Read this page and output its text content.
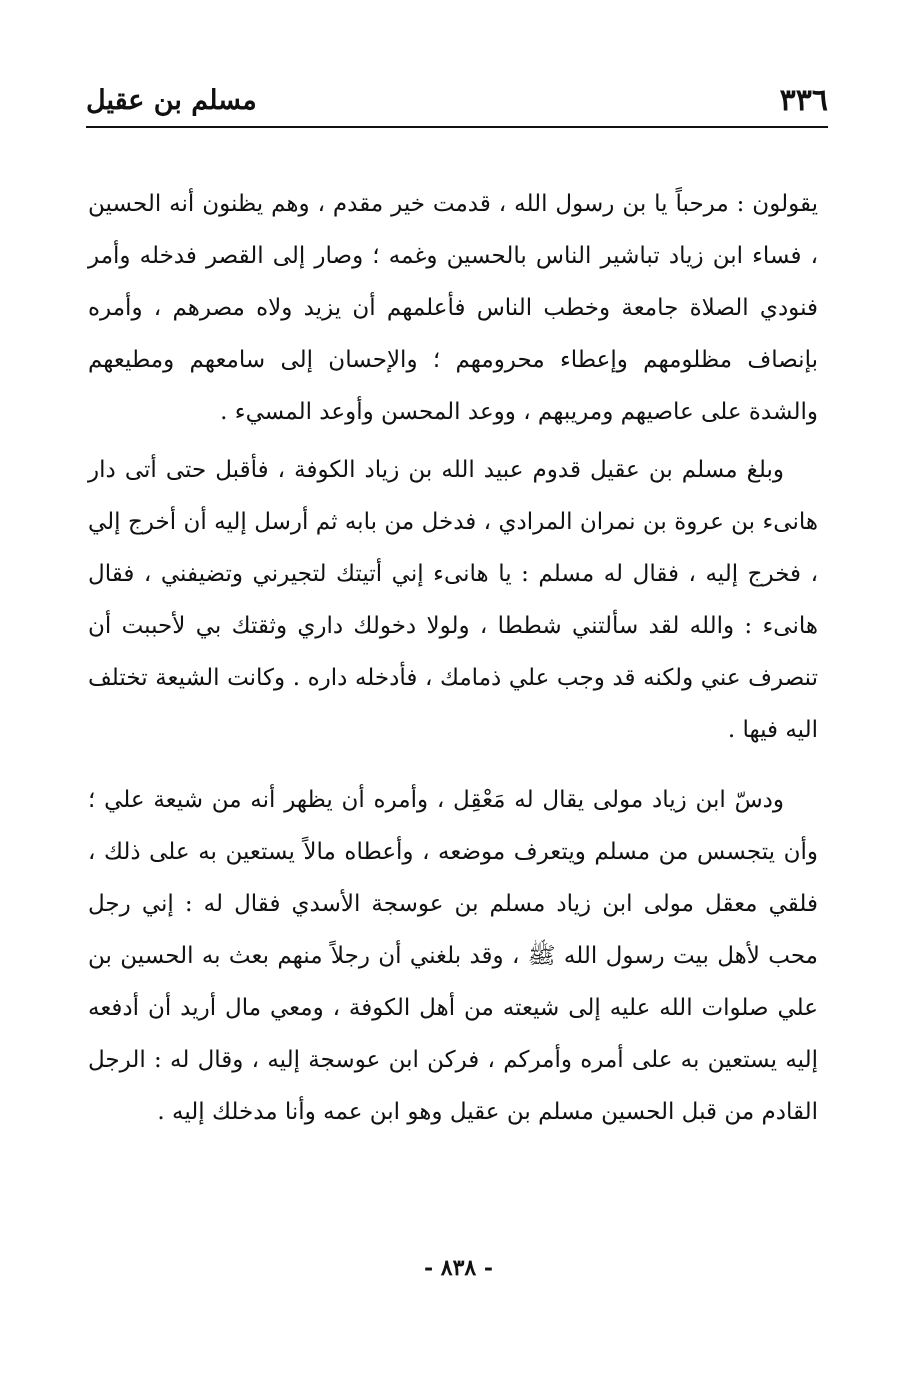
٣٣٦
مسلم بن عقيل

يقولون : مرحباً يا بن رسول الله ، قدمت خير مقدم ، وهم يظنون أنه الحسين ، فساء ابن زياد تباشير الناس بالحسين وغمه ؛ وصار إلى القصر فدخله وأمر فنودي الصلاة جامعة وخطب الناس فأعلمهم أن يزيد ولاه مصرهم ، وأمره بإنصاف مظلومهم وإعطاء محرومهم ؛ والإحسان إلى سامعهم ومطيعهم والشدة على عاصيهم ومريبهم ، ووعد المحسن وأوعد المسيء .

وبلغ مسلم بن عقيل قدوم عبيد الله بن زياد الكوفة ، فأقبل حتى أتى دار هانىء بن عروة بن نمران المرادي ، فدخل من بابه ثم أرسل إليه أن أخرج إلي ، فخرج إليه ، فقال له مسلم : يا هانىء إني أتيتك لتجيرني وتضيفني ، فقال هانىء : والله لقد سألتني شططا ، ولولا دخولك داري وثقتك بي لأحببت أن تنصرف عني ولكنه قد وجب علي ذمامك ، فأدخله داره . وكانت الشيعة تختلف اليه فيها .

ودسّ ابن زياد مولى يقال له مَعْقِل ، وأمره أن يظهر أنه من شيعة علي ؛ وأن يتجسس من مسلم ويتعرف موضعه ، وأعطاه مالاً يستعين به على ذلك ، فلقي معقل مولى ابن زياد مسلم بن عوسجة الأسدي فقال له : إني رجل محب لأهل بيت رسول الله ﷺ ، وقد بلغني أن رجلاً منهم بعث به الحسين بن علي صلوات الله عليه إلى شيعته من أهل الكوفة ، ومعي مال أريد أن أدفعه إليه يستعين به على أمره وأمركم ، فركن ابن عوسجة إليه ، وقال له : الرجل القادم من قبل الحسين مسلم بن عقيل وهو ابن عمه وأنا مدخلك إليه .

- ٨٣٨ -
